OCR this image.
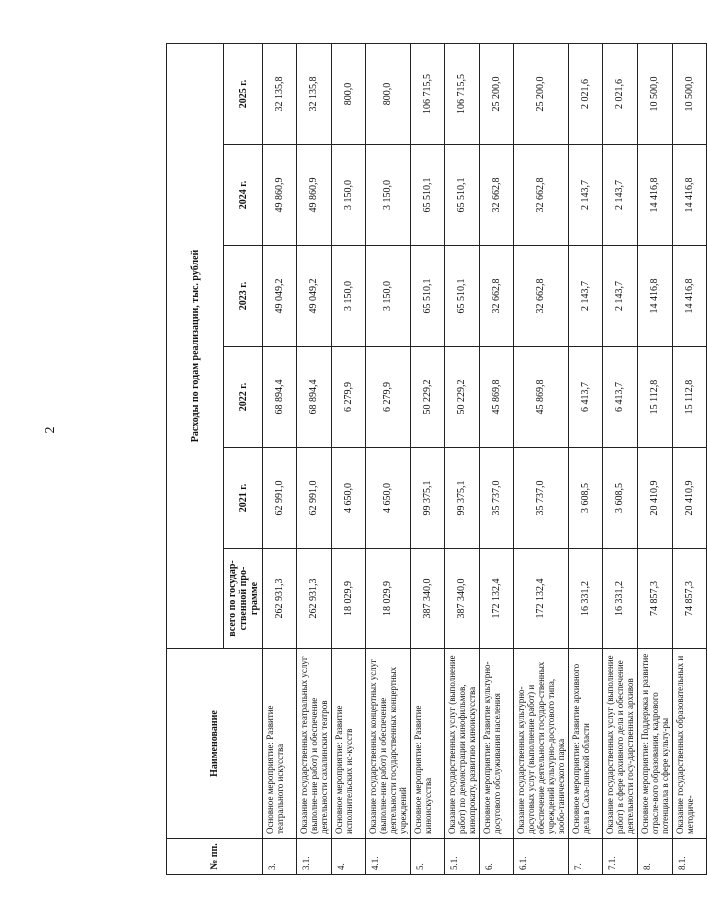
2
№ пп.	Наименование	Расходы по годам реализации, тыс. рублей					
		всего по государ-ственной про-грамме	2021 г.	2022 г.	2023 г.	2024 г.	2025 г.
3.	Основное мероприятие: Развитие театрального искусства	262 931,3	62 991,0	68 894,4	49 049,2	49 860,9	32 135,8
3.1.	Оказание государственных театральных услуг (выполне-ние работ) и обеспечение деятельности сахалинских театров	262 931,3	62 991,0	68 894,4	49 049,2	49 860,9	32 135,8
4.	Основное мероприятие: Развитие исполнительских ис-кусств	18 029,9	4 650,0	6 279,9	3 150,0	3 150,0	800,0
4.1.	Оказание государственных концертных услуг (выполне-ние работ) и обеспечение деятельности государственных концертных учреждений	18 029,9	4 650,0	6 279,9	3 150,0	3 150,0	800,0
5.	Основное мероприятие: Развитие киноискусства	387 340,0	99 375,1	50 229,2	65 510,1	65 510,1	106 715,5
5.1.	Оказание государственных услуг (выполнение работ) по демонстрации кинофильмов, кинопрокату, развитию киноискусства	387 340,0	99 375,1	50 229,2	65 510,1	65 510,1	106 715,5
6.	Основное мероприятие: Развитие культурно-досугового обслуживания населения	172 132,4	35 737,0	45 869,8	32 662,8	32 662,8	25 200,0
6.1.	Оказание государственных культурно-досуговых услуг (выполнение работ) и обеспечение деятельности государ-ственных учреждений культурно-досугового типа, зообо-танического парка	172 132,4	35 737,0	45 869,8	32 662,8	32 662,8	25 200,0
7.	Основное мероприятие: Развитие архивного дела в Саха-линской области	16 331,2	3 608,5	6 413,7	2 143,7	2 143,7	2 021,6
7.1.	Оказание государственных услуг (выполнение работ) в сфере архивного дела и обеспечение деятельности госу-дарственных архивов	16 331,2	3 608,5	6 413,7	2 143,7	2 143,7	2 021,6
8.	Основное мероприятие: Поддержка и развитие отрасле-вого образования, кадрового потенциала в сфере культу-ры	74 857,3	20 410,9	15 112,8	14 416,8	14 416,8	10 500,0
8.1.	Оказание государственных образовательных и методиче-	74 857,3	20 410,9	15 112,8	14 416,8	14 416,8	10 500,0
